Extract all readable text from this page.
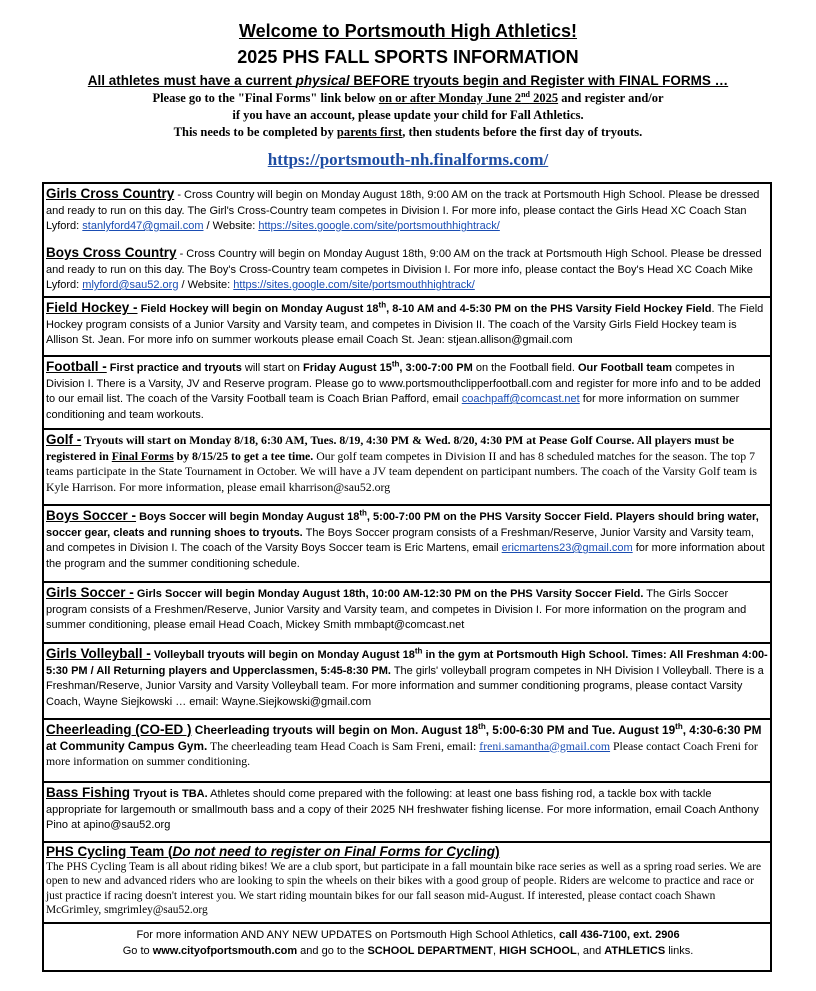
Welcome to Portsmouth High Athletics!
2025 PHS FALL SPORTS INFORMATION
All athletes must have a current physical BEFORE tryouts begin and Register with FINAL FORMS …
Please go to the "Final Forms" link below on or after Monday June 2nd 2025 and register and/or
if you have an account, please update your child for Fall Athletics.
This needs to be completed by parents first, then students before the first day of tryouts.
https://portsmouth-nh.finalforms.com/
Girls Cross Country - Cross Country will begin on Monday August 18th, 9:00 AM on the track at Portsmouth High School. Please be dressed and ready to run on this day. The Girl's Cross-Country team competes in Division I. For more info, please contact the Girls Head XC Coach Stan Lyford: stanlyford47@gmail.com / Website: https://sites.google.com/site/portsmouthhightrack/
Boys Cross Country - Cross Country will begin on Monday August 18th, 9:00 AM on the track at Portsmouth High School. Please be dressed and ready to run on this day. The Boy's Cross-Country team competes in Division I. For more info, please contact the Boy's Head XC Coach Mike Lyford: mlyford@sau52.org / Website: https://sites.google.com/site/portsmouthhightrack/
Field Hockey - Field Hockey will begin on Monday August 18th, 8-10 AM and 4-5:30 PM on the PHS Varsity Field Hockey Field. The Field Hockey program consists of a Junior Varsity and Varsity team, and competes in Division II. The coach of the Varsity Girls Field Hockey team is Allison St. Jean. For more info on summer workouts please email Coach St. Jean: stjean.allison@gmail.com
Football - First practice and tryouts will start on Friday August 15th, 3:00-7:00 PM on the Football field. Our Football team competes in Division I. There is a Varsity, JV and Reserve program. Please go to www.portsmouthclipperfootball.com and register for more info and to be added to our email list. The coach of the Varsity Football team is Coach Brian Pafford, email coachpaff@comcast.net for more information on summer conditioning and team workouts.
Golf - Tryouts will start on Monday 8/18, 6:30 AM, Tues. 8/19, 4:30 PM & Wed. 8/20, 4:30 PM at Pease Golf Course. All players must be registered in Final Forms by 8/15/25 to get a tee time. Our golf team competes in Division II and has 8 scheduled matches for the season. The top 7 teams participate in the State Tournament in October. We will have a JV team dependent on participant numbers. The coach of the Varsity Golf team is Kyle Harrison. For more information, please email kharrison@sau52.org
Boys Soccer - Boys Soccer will begin Monday August 18th, 5:00-7:00 PM on the PHS Varsity Soccer Field. Players should bring water, soccer gear, cleats and running shoes to tryouts. The Boys Soccer program consists of a Freshman/Reserve, Junior Varsity and Varsity team, and competes in Division I. The coach of the Varsity Boys Soccer team is Eric Martens, email ericmartens23@gmail.com for more information about the program and the summer conditioning schedule.
Girls Soccer - Girls Soccer will begin Monday August 18th, 10:00 AM-12:30 PM on the PHS Varsity Soccer Field. The Girls Soccer program consists of a Freshmen/Reserve, Junior Varsity and Varsity team, and competes in Division I. For more information on the program and summer conditioning, please email Head Coach, Mickey Smith mmbapt@comcast.net
Girls Volleyball - Volleyball tryouts will begin on Monday August 18th in the gym at Portsmouth High School. Times: All Freshman 4:00-5:30 PM / All Returning players and Upperclassmen, 5:45-8:30 PM. The girls' volleyball program competes in NH Division I Volleyball. There is a Freshman/Reserve, Junior Varsity and Varsity Volleyball team. For more information and summer conditioning programs, please contact Varsity Coach, Wayne Siejkowski … email: Wayne.Siejkowski@gmail.com
Cheerleading (CO-ED ) Cheerleading tryouts will begin on Mon. August 18th, 5:00-6:30 PM and Tue. August 19th, 4:30-6:30 PM at Community Campus Gym. The cheerleading team Head Coach is Sam Freni, email: freni.samantha@gmail.com Please contact Coach Freni for more information on summer conditioning.
Bass Fishing Tryout is TBA. Athletes should come prepared with the following: at least one bass fishing rod, a tackle box with tackle appropriate for largemouth or smallmouth bass and a copy of their 2025 NH freshwater fishing license. For more information, email Coach Anthony Pino at apino@sau52.org
PHS Cycling Team (Do not need to register on Final Forms for Cycling)
The PHS Cycling Team is all about riding bikes! We are a club sport, but participate in a fall mountain bike race series as well as a spring road series. We are open to new and advanced riders who are looking to spin the wheels on their bikes with a good group of people. Riders are welcome to practice and race or just practice if racing doesn't interest you. We start riding mountain bikes for our fall season mid-August. If interested, please contact coach Shawn McGrimley, smgrimley@sau52.org
For more information AND ANY NEW UPDATES on Portsmouth High School Athletics, call 436-7100, ext. 2906
Go to www.cityofportsmouth.com and go to the SCHOOL DEPARTMENT, HIGH SCHOOL, and ATHLETICS links.
